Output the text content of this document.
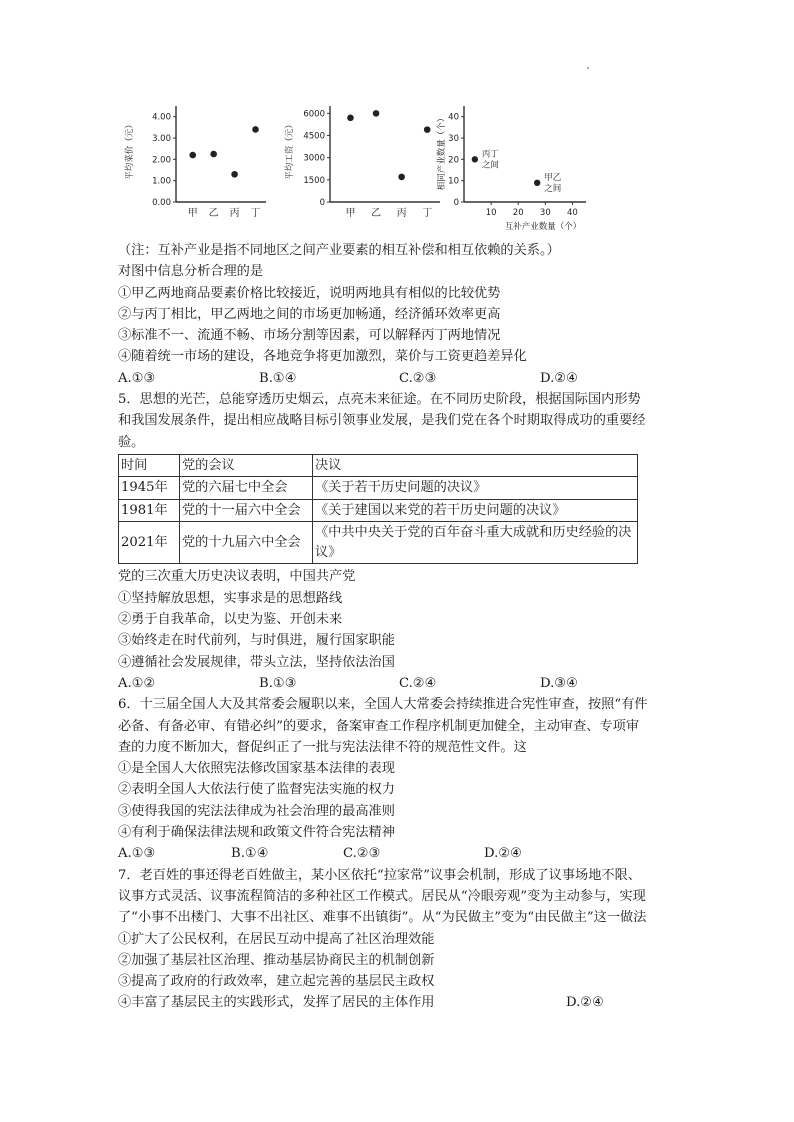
4.00
3.00
2.00
1.00
0.00
甲 乙 丙 丁
平均菜价（元）
6000
4500
3000
1500
0
甲 乙 丙 丁
平均工资（元）
40
30
20
10
0
10 20 30 40
互补产业数量（个）
相同产业数量（个）	丙丁
之间
甲乙
之间

（注：互补产业是指不同地区之间产业要素的相互补偿和相互依赖的关系。）

对图中信息分析合理的是

①甲乙两地商品要素价格比较接近，说明两地具有相似的比较优势

②与丙丁相比，甲乙两地之间的市场更加畅通，经济循环效率更高

③标准不一、流通不畅、市场分割等因素，可以解释丙丁两地情况

④随着统一市场的建设，各地竞争将更加激烈，菜价与工资更趋差异化

A.①③	B.①④	C.②③	D.②④

5．思想的光芒，总能穿透历史烟云，点亮未来征途。在不同历史阶段，根据国际国内形势和我国发展条件，提出相应战略目标引领事业发展，是我们党在各个时期取得成功的重要经验。

时间	党的会议	决议
1945年	党的六届七中全会	《关于若干历史问题的决议》
1981年	党的十一届六中全会	《关于建国以来党的若干历史问题的决议》
2021年	党的十九届六中全会	《中共中央关于党的百年奋斗重大成就和历史经验的决议》

党的三次重大历史决议表明，中国共产党

①坚持解放思想，实事求是的思想路线

②勇于自我革命，以史为鉴、开创未来

③始终走在时代前列，与时俱进，履行国家职能

④遵循社会发展规律，带头立法，坚持依法治国

A.①②	B.①③	C.②④	D.③④

6．十三届全国人大及其常委会履职以来，全国人大常委会持续推进合宪性审查，按照“有件必备、有备必审、有错必纠”的要求，备案审查工作程序机制更加健全，主动审查、专项审查的力度不断加大，督促纠正了一批与宪法法律不符的规范性文件。这

①是全国人大依照宪法修改国家基本法律的表现

②表明全国人大依法行使了监督宪法实施的权力

③使得我国的宪法法律成为社会治理的最高准则

④有利于确保法律法规和政策文件符合宪法精神

A.①③	B.①④	C.②③	D.②④

7．老百姓的事还得老百姓做主，某小区依托“拉家常”议事会机制，形成了议事场地不限、议事方式灵活、议事流程简洁的多种社区工作模式。居民从“冷眼旁观”变为主动参与，实现了“小事不出楼门、大事不出社区、难事不出镇街”。从“为民做主”变为“由民做主”这一做法

①扩大了公民权利，在居民互动中提高了社区治理效能

②加强了基层社区治理、推动基层协商民主的机制创新

③提高了政府的行政效率，建立起完善的基层民主政权

④丰富了基层民主的实践形式，发挥了居民的主体作用	D.②④
